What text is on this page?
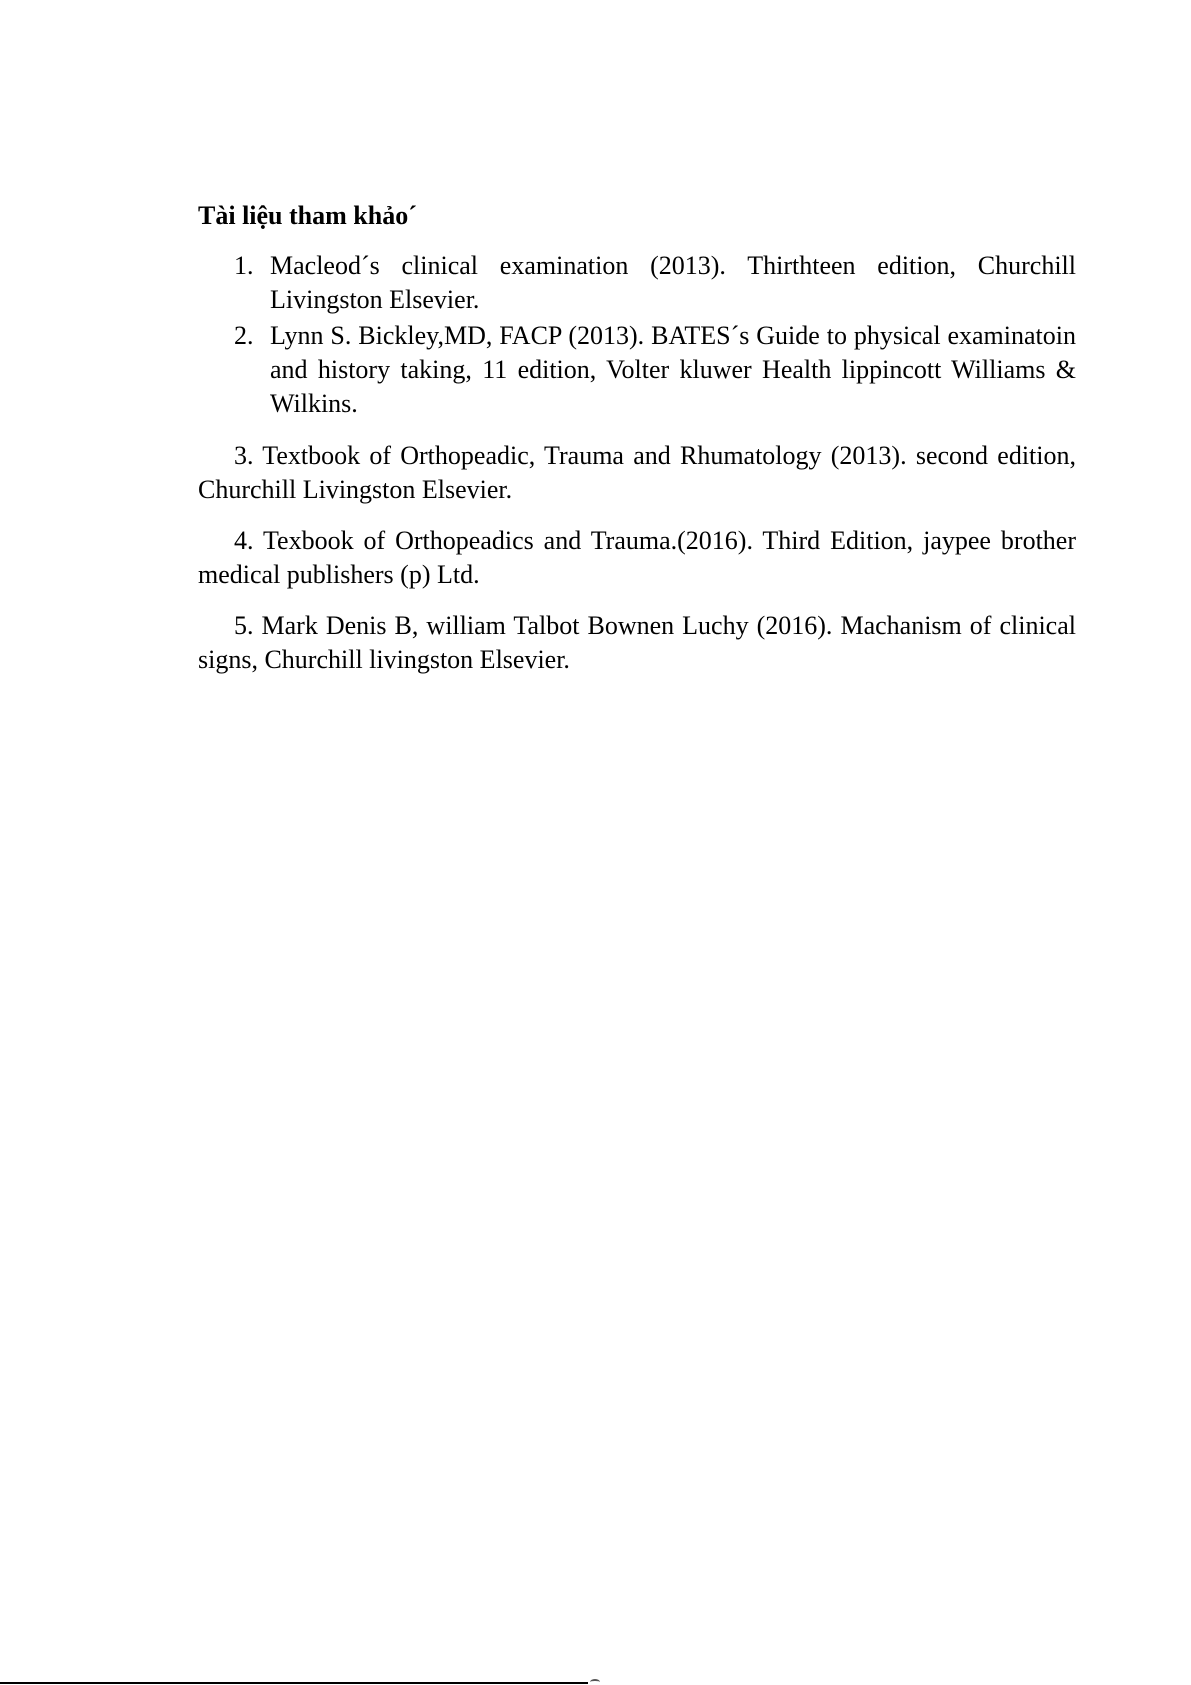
Tài liệu tham khảo´
1. Macleod´s clinical examination (2013). Thirthteen edition, Churchill Livingston Elsevier.
2. Lynn S. Bickley,MD, FACP (2013). BATES´s Guide to physical examinatoin and history taking, 11 edition, Volter kluwer Health lippincott Williams & Wilkins.
3. Textbook of Orthopeadic, Trauma and Rhumatology (2013). second edition, Churchill Livingston Elsevier.
4. Texbook of Orthopeadics and Trauma.(2016). Third Edition, jaypee brother medical publishers (p) Ltd.
5. Mark Denis B, william Talbot Bownen Luchy (2016). Machanism of clinical signs, Churchill livingston Elsevier.
